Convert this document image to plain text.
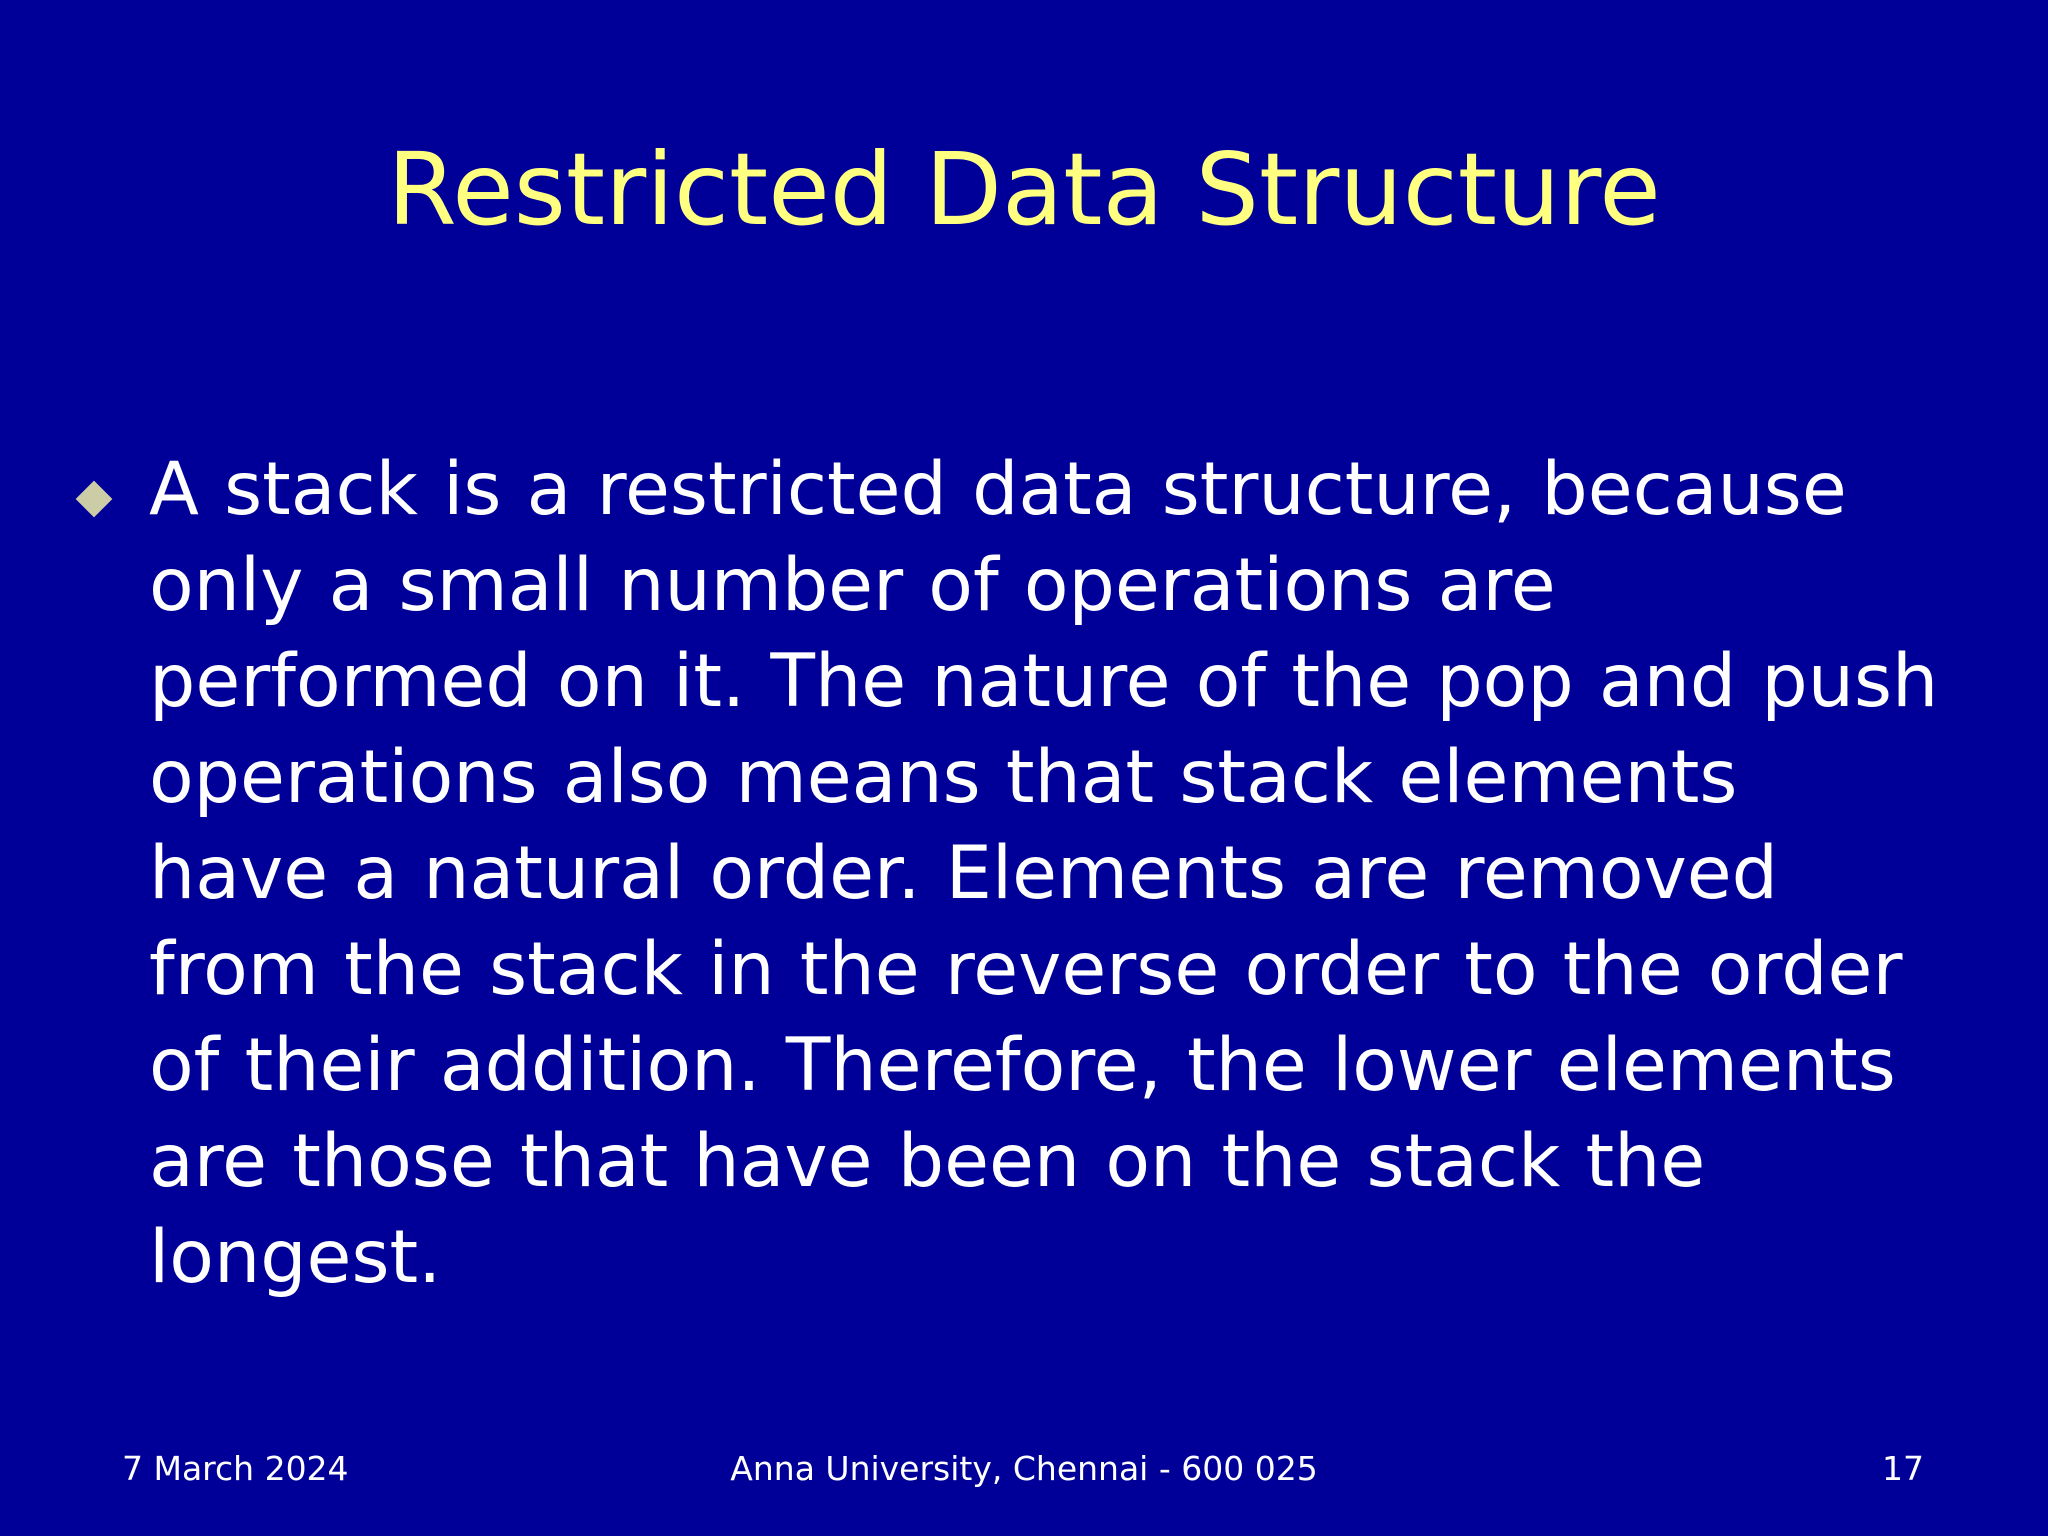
Restricted Data Structure

A stack is a restricted data structure, because only a small number of operations are performed on it. The nature of the pop and push operations also means that stack elements have a natural order. Elements are removed from the stack in the reverse order to the order of their addition. Therefore, the lower elements are those that have been on the stack the longest.

7 March 2024	Anna University, Chennai - 600 025	17
